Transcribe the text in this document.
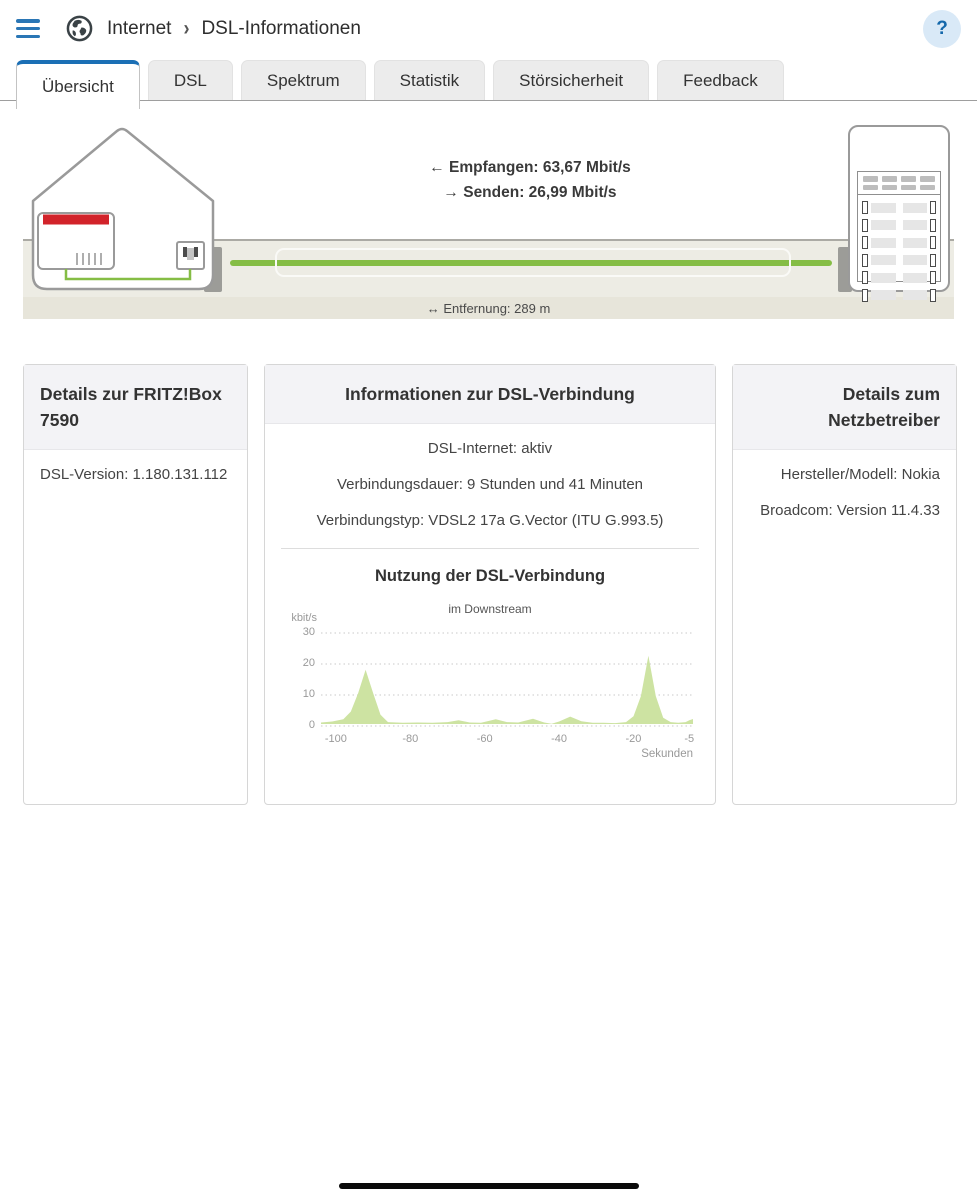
Internet › DSL-Informationen	?
Übersicht	DSL	Spektrum	Statistik	Störsicherheit	Feedback
↔ Entfernung: 289 m
← Empfangen: 63,67 Mbit/s
→ Senden: 26,99 Mbit/s
Details zur FRITZ!Box 7590

DSL-Version: 1.180.131.112

Informationen zur DSL-Verbindung

DSL-Internet: aktiv

Verbindungsdauer: 9 Stunden und 41 Minuten

Verbindungstyp: VDSL2 17a G.Vector (ITU G.993.5)

Nutzung der DSL-Verbindung
im Downstream
30
20
10
0
kbit/s
-100	-80	-60	-40	-20	-5
Sekunden
Details zum Netzbetreiber

Hersteller/Modell: Nokia

Broadcom: Version 11.4.33
